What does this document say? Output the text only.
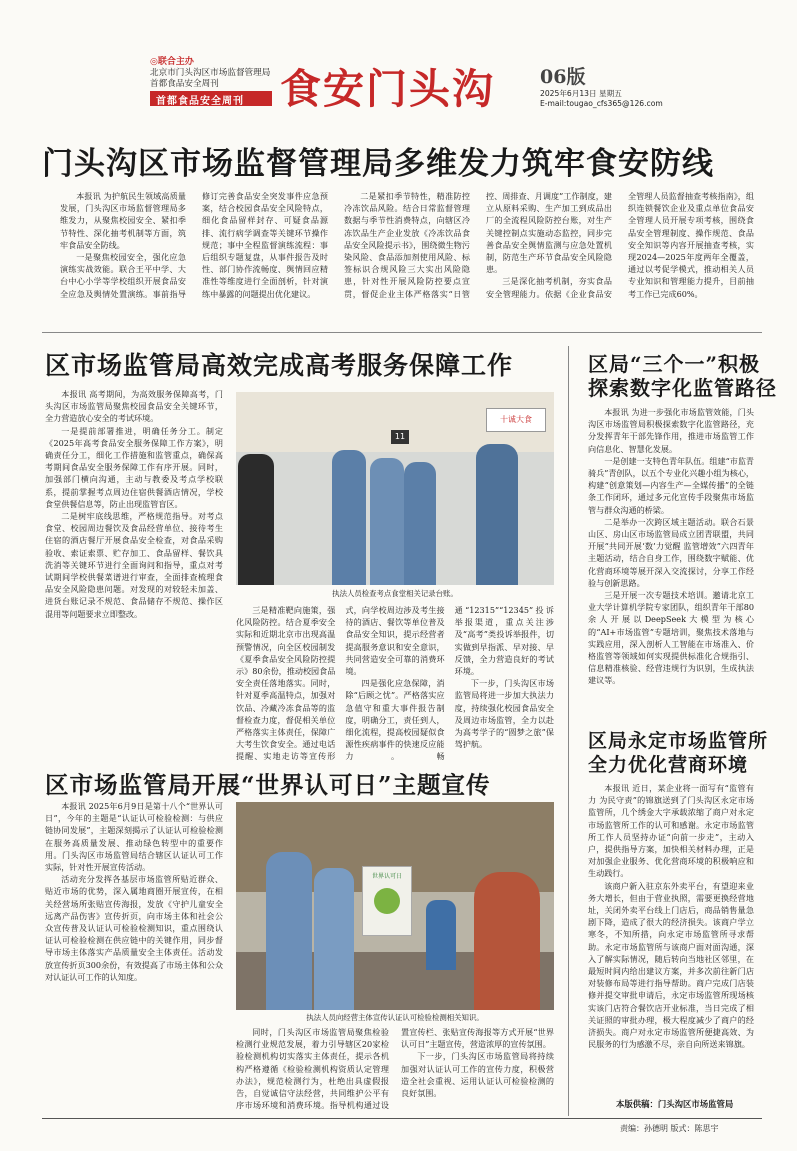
◎联合主办
北京市门头沟区市场监督管理局
首都食品安全周刊
首都食品安全周刊 食安门头沟 06版
2025年6月13日 星期五
E-mail:tougao_cfs365@126.com
门头沟区市场监督管理局多维发力筑牢食安防线

本报讯 为护航民生领域高质量发展，门头沟区市场监督管理局多维发力，从聚焦校园安全、紧扣季节特性、深化抽考机制等方面，筑牢食品安全防线。

一是聚焦校园安全，强化应急演练实战效能。联合王平中学、大台中心小学等学校组织开展食品安全应急及舆情处置演练。事前指导修订完善食品安全突发事件应急预案，结合校园食品安全风险特点，细化食品留样封存、可疑食品源排、流行病学调查等关键环节操作规范；事中全程监督演练流程：事后组织专题复盘，从事件报告及时性、部门协作流畅度、舆情回应精准性等维度进行全面剖析，针对演练中暴露的问题提出优化建议。

二是紧扣季节特性，精准防控冷冻饮品风险。结合日常监督管理数据与季节性消费特点，向辖区冷冻饮品生产企业发放《冷冻饮品食品安全风险提示书》，围绕微生物污染风险、食品添加剂使用风险、标签标识合规风险三大实出风险隐患，针对性开展风险防控要点宣贯，督促企业主体严格落实“日管控、周排查、月调度”工作制度，建立从原料采购、生产加工到成品出厂的全流程风险防控台账，对生产关键控制点实施动态监控，同步完善食品安全舆情监测与应急处置机制，防范生产环节食品安全风险隐患。

三是深化抽考机制，夯实食品安全管理能力。依据《企业食品安全管理人员监督抽查考核指南》，组织连锁餐饮企业及重点单位食品安全管理人员开展专项考核，围绕食品安全管理制度、操作规范、食品安全知识等内容开展抽查考核，实现2024—2025年度两年全覆盖，通过以考促学模式，推动相关人员专业知识和管理能力提升，目前抽考工作已完成60%。

区市场监管局高效完成高考服务保障工作
十诚大食
11
执法人员检查考点食堂相关记录台账。

本报讯 高考期间，为高效服务保障高考，门头沟区市场监管局聚焦校园食品安全关键环节，全力营造放心安全的考试环境。

一是提前部署推进，明确任务分工。制定《2025年高考食品安全服务保障工作方案》，明确责任分工，细化工作措施和监管重点，确保高考期间食品安全服务保障工作有序开展。同时，加强部门横向沟通，主动与教委及考点学校联系，提前掌握考点周边住宿供餐酒店情况，学校食堂供餐信息等，防止出现监管盲区。

二是树牢底线思维，严格规范指导。对考点食堂、校园周边餐饮及食品经营单位、接待考生住宿的酒店餐厅开展食品安全检查，对食品采购验收、索证索票、贮存加工、食品留样、餐饮具洗消等关键环节进行全面询问和指导，重点对考试期间学校供餐菜谱进行审查，全面排查梳理食品安全风险隐患问题。对发现的对较轻未加盖、进货台账记录不规范、食品储存不规范、操作区混用等问题要求立即整改。	三是精准靶向施策，强化风险防控。结合夏季安全实际和近期北京市出现高温预警情况，向全区校园制发《夏季食品安全风险防控提示》80余份，推动校园食品安全责任落地落实。同时，针对夏季高温特点，加强对饮品、冷藏冷冻食品等的监督检查力度，督促相关单位严格落实主体责任，保障广大考生饮食安全。通过电话提醒、实地走访等宣传形式，向学校周边涉及考生接待的酒店、餐饮等单位普及食品安全知识，提示经营者提高服务意识和安全意识，共同营造安全可靠的消费环境。

四是强化应急保障，消除“后顾之忧”。严格落实应急值守和重大事件报告制度，明确分工，责任到人，细化流程，提高校园疑似食源性疾病事件的快速反应能力。畅通“12315”“12345”投诉举报渠道，重点关注涉及“高考”类投诉举报件，切实做到早指派、早对接、早反馈，全力营造良好的考试环境。

下一步，门头沟区市场监管局将进一步加大执法力度，持续强化校园食品安全及周边市场监管，全力以赴为高考学子的“圆梦之旅”保驾护航。

区市场监管局开展“世界认可日”主题宣传

本报讯 2025年6月9日是第十八个“世界认可日”，今年的主题是“认证认可检验检测：与供应链协同发展”，主题深刻揭示了认证认可检验检测在服务高质量发展、推动绿色转型中的重要作用。门头沟区市场监管局结合辖区认证认可工作实际，针对性开展宣传活动。

活动充分发挥各基层市场监管所贴近群众、贴近市场的优势，深入属地商圈开展宣传，在相关经营场所张贴宣传海报，发放《守护儿童安全 远离产品伤害》宣传折页，向市场主体和社会公众宣传普及认证认可检验检测知识，重点围绕认证认可检验检测在供应链中的关键作用，同步督导市场主体落实产品质量安全主体责任。活动发放宣传折页300余份，有效提高了市场主体和公众对认证认可工作的认知度。

世界认可日
执法人员向经营主体宣传认证认可检验检测相关知识。

同时，门头沟区市场监管局聚焦检验检测行业规范发展，着力引导辖区20家检验检测机构切实落实主体责任，提示各机构严格遵循《检验检测机构资质认定管理办法》，规范检测行为，杜绝出具虚假报告，自觉诚信守法经营，共同维护公平有序市场环境和消费环境。指导机构通过设置宣传栏、张贴宣传海报等方式开展“世界认可日”主题宣传，营造浓厚的宣传氛围。

下一步，门头沟区市场监管局将持续加强对认证认可工作的宣传力度，积极营造全社会重视、运用认证认可检验检测的良好氛围。

区局“三个一”积极
探索数字化监管路径

本报讯 为进一步强化市场监管效能，门头沟区市场监管局积极探索数字化监管路径，充分发挥青年干部先锋作用，推进市场监管工作向信息化、智慧化发展。

一是创建一支特色青年队伍。组建“市监青骑兵”青创队，以五个专业化兴趣小组为核心，构建“创意策划—内容生产—全媒传播”的全链条工作闭环，通过多元化宣传手段聚焦市场监管与群众沟通的桥梁。

二是举办一次跨区域主题活动。联合石景山区、房山区市场监管局成立团青联盟，共同开展“共同开展‘数’力觉醒 监管增效”六四青年主题活动，结合自身工作，围绕数字赋能、优化营商环境等展开深入交流探讨，分享工作经验与创新思路。

三是开展一次专题技术培训。邀请北京工业大学计算机学院专家团队，组织青年干部80余人开展以DeepSeek大模型为核心的“AI+市场监管”专题培训，聚焦技术落地与实践应用，深入剖析人工智能在市场准入、价格监管等领域如何实现提供标准化合规指引、信息精准核验、经营违规行为识别，生成执法建议等。

区局永定市场监管所
全力优化营商环境

本报讯 近日，某企业将一面写有“监管有力 为民守责”的锦旗送到了门头沟区永定市场监管所，几个绣金大字承载浓缩了商户对永定市场监管所工作的认可和感谢。永定市场监管所工作人员坚持办证“向前一步走”，主动入户，提供指导方案，加快相关材料办理，正是对加强企业服务、优化营商环境的积极响应和生动践行。

该商户新入驻京东外卖平台，有望迎来业务大增长，但由于营业执照，需要更换经营地址，关闭外卖平台线上门店后，商品销售量急剧下降，造成了很大的经济损失。该商户学立寒冬，不知所措，向永定市场监管所寻求帮助。永定市场监管所与该商户面对面沟通，深入了解实际情况，随后转向当地社区邻里，在最短时间内给出建议方案，并多次前往新门店对装修布局等进行指导帮助。商户完成门店装修并提交审批申请后，永定市场监管所现场核实该门店符合餐饮店开业标准，当日完成了相关证照的审批办理，极大程度减少了商户的经济损失。商户对永定市场监管所便捷高效、为民服务的行为感激不尽，亲自向所送来锦旗。

本版供稿：门头沟区市场监管局
责编：孙德明 版式：陈思宇
